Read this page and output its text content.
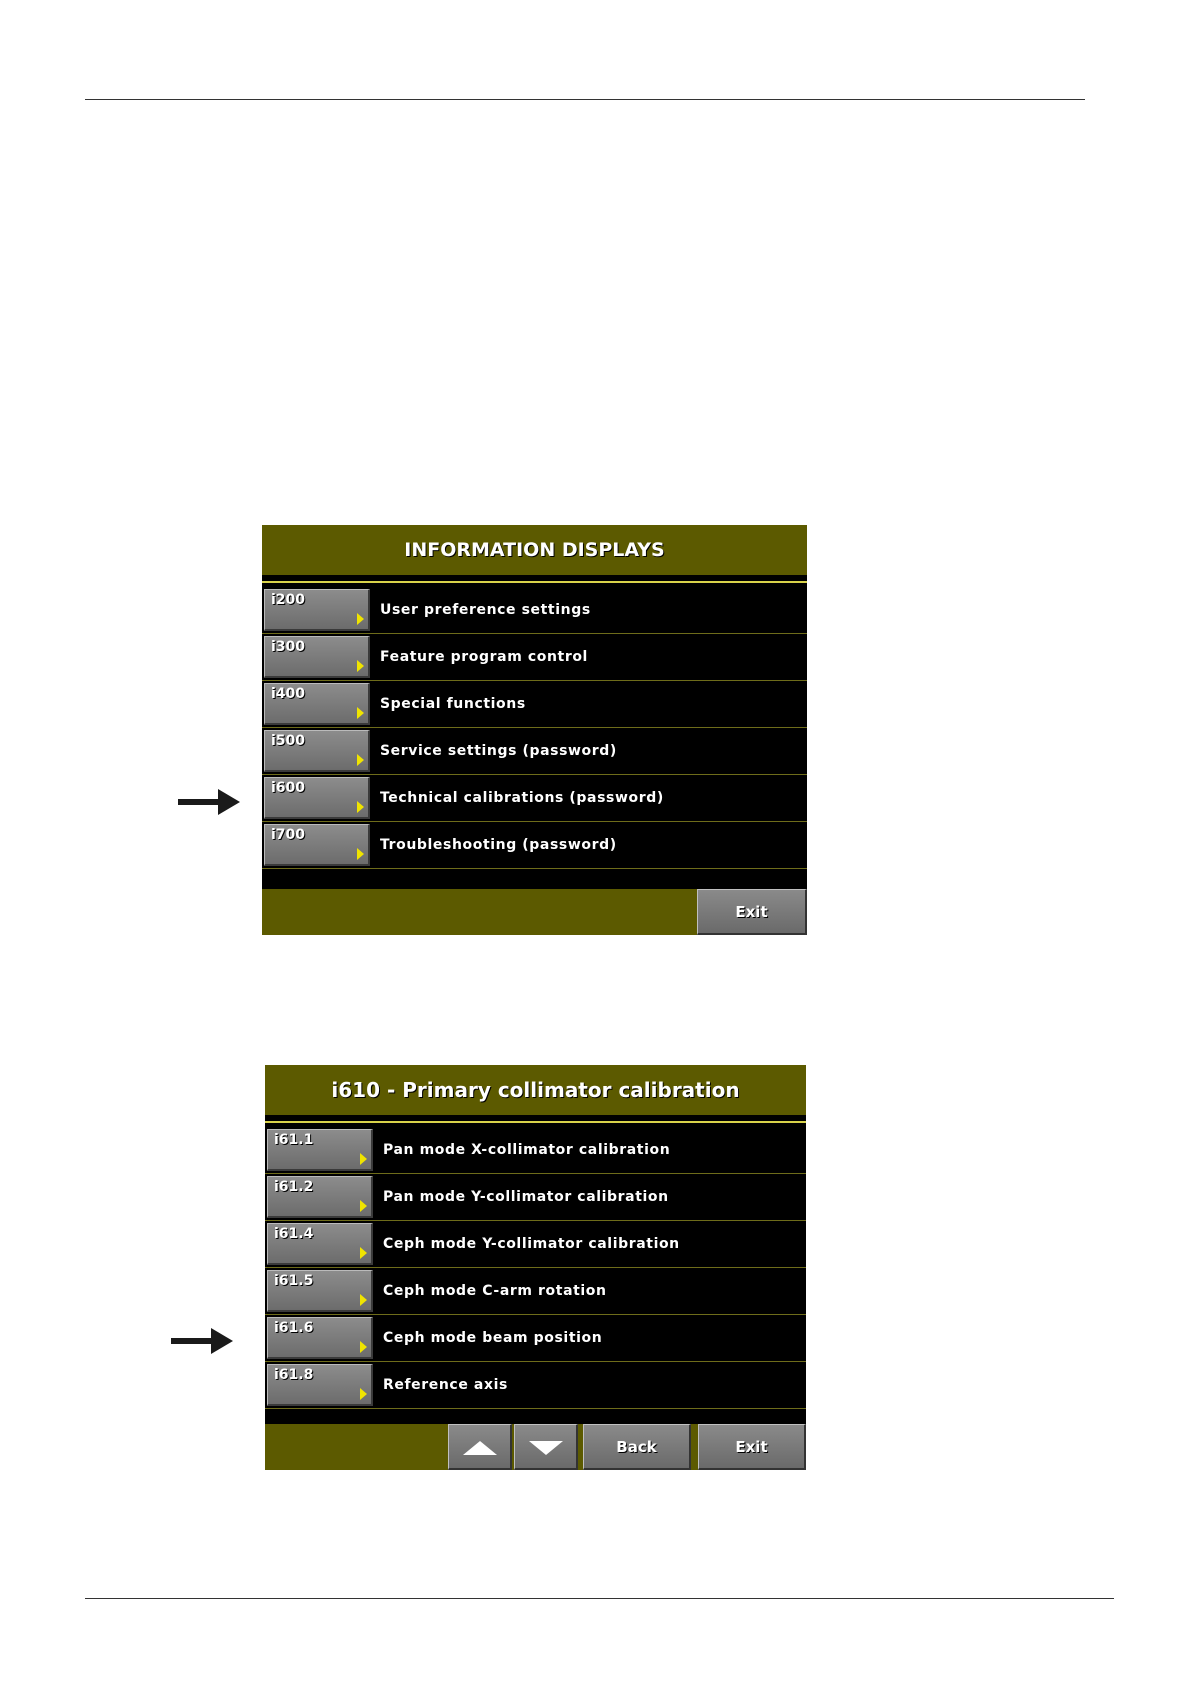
INFORMATION DISPLAYS
i200
User preference settings
i300
Feature program control
i400
Special functions
i500
Service settings (password)
i600
Technical calibrations (password)
i700
Troubleshooting (password)
Exit
i610 - Primary collimator calibration
i61.1
Pan mode X-collimator calibration
i61.2
Pan mode Y-collimator calibration
i61.4
Ceph mode Y-collimator calibration
i61.5
Ceph mode C-arm rotation
i61.6
Ceph mode beam position
i61.8
Reference axis
Back	Exit
